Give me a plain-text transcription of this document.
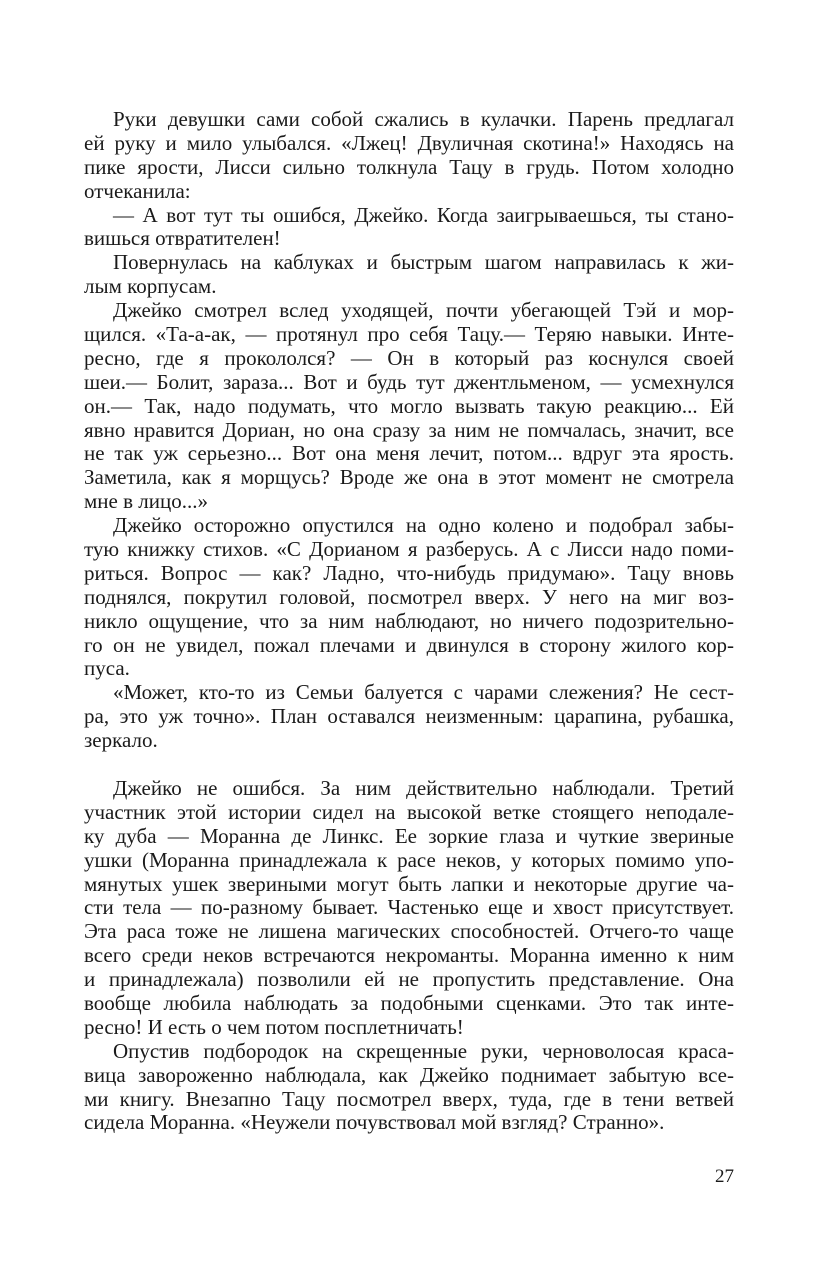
Руки девушки сами собой сжались в кулачки. Парень предлагал
ей руку и мило улыбался. «Лжец! Двуличная скотина!» Находясь на
пике ярости, Лисси сильно толкнула Тацу в грудь. Потом холодно
отчеканила:
— А вот тут ты ошибся, Джейко. Когда заигрываешься, ты стано-
вишься отвратителен!
Повернулась на каблуках и быстрым шагом направилась к жи-
лым корпусам.
Джейко смотрел вслед уходящей, почти убегающей Тэй и мор-
щился. «Та-а-ак, — протянул про себя Тацу.— Теряю навыки. Инте-
ресно, где я прокололся? — Он в который раз коснулся своей
шеи.— Болит, зараза... Вот и будь тут джентльменом, — усмехнулся
он.— Так, надо подумать, что могло вызвать такую реакцию... Ей
явно нравится Дориан, но она сразу за ним не помчалась, значит, все
не так уж серьезно... Вот она меня лечит, потом... вдруг эта ярость.
Заметила, как я морщусь? Вроде же она в этот момент не смотрела
мне в лицо...»
Джейко осторожно опустился на одно колено и подобрал забы-
тую книжку стихов. «С Дорианом я разберусь. А с Лисси надо поми-
риться. Вопрос — как? Ладно, что-нибудь придумаю». Тацу вновь
поднялся, покрутил головой, посмотрел вверх. У него на миг воз-
никло ощущение, что за ним наблюдают, но ничего подозрительно-
го он не увидел, пожал плечами и двинулся в сторону жилого кор-
пуса.
«Может, кто-то из Семьи балуется с чарами слежения? Не сест-
ра, это уж точно». План оставался неизменным: царапина, рубашка,
зеркало.
Джейко не ошибся. За ним действительно наблюдали. Третий
участник этой истории сидел на высокой ветке стоящего неподале-
ку дуба — Моранна де Линкс. Ее зоркие глаза и чуткие звериные
ушки (Моранна принадлежала к расе неков, у которых помимо упо-
мянутых ушек звериными могут быть лапки и некоторые другие ча-
сти тела — по-разному бывает. Частенько еще и хвост присутствует.
Эта раса тоже не лишена магических способностей. Отчего-то чаще
всего среди неков встречаются некроманты. Моранна именно к ним
и принадлежала) позволили ей не пропустить представление. Она
вообще любила наблюдать за подобными сценками. Это так инте-
ресно! И есть о чем потом посплетничать!
Опустив подбородок на скрещенные руки, черноволосая краса-
вица завороженно наблюдала, как Джейко поднимает забытую все-
ми книгу. Внезапно Тацу посмотрел вверх, туда, где в тени ветвей
сидела Моранна. «Неужели почувствовал мой взгляд? Странно».
27
